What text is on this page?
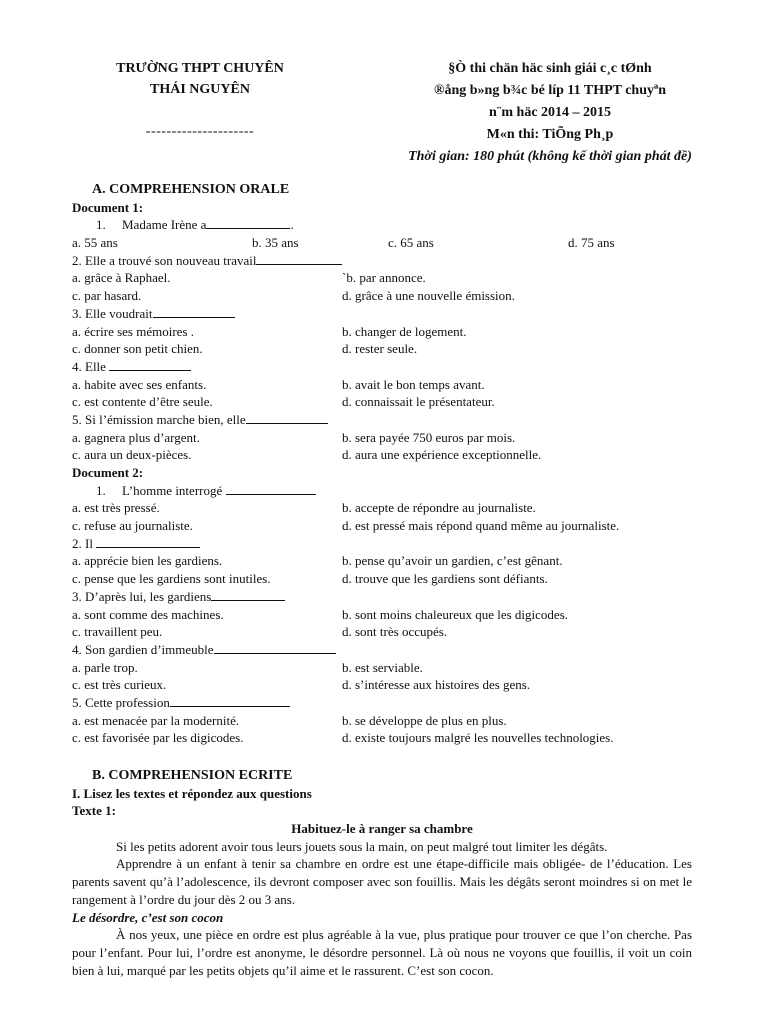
TRƯỜNG THPT CHUYÊN
THÁI NGUYÊN
---------------------
§Ò thi chän häc sinh giái c¸c tØnh
®ång b»ng b¾c bé líp 11 THPT chuyªn
n¨m häc 2014 – 2015
M«n thi: TiÕng Ph¸p
Thời gian: 180 phút (không kể thời gian phát đề)
A. COMPREHENSION ORALE
Document 1:
1. Madame Irène a	.
a. 55 ans	b. 35 ans	c. 65 ans	d. 75 ans
2. Elle a trouvé son nouveau travail
a. grâce à Raphael.	`b. par annonce.
c. par hasard.	d. grâce à une nouvelle émission.
3. Elle voudrait
a. écrire ses mémoires .	b. changer de logement.
c. donner son petit chien.	d. rester seule.
4. Elle
a. habite avec ses enfants.	b. avait le bon temps avant.
c. est contente d’être seule.	d. connaissait le présentateur.
5. Si l’émission marche bien, elle
a. gagnera plus d’argent.	b. sera payée 750 euros par mois.
c. aura un deux-pièces.	d. aura une expérience exceptionnelle.
Document 2:
1. L’homme interrogé
a. est très pressé.	b. accepte de répondre au journaliste.
c. refuse au journaliste.	d. est pressé mais répond quand même au journaliste.
2. Il
a. apprécie bien les gardiens.	b. pense qu’avoir un gardien, c’est gênant.
c. pense que les gardiens sont inutiles.	d. trouve que les gardiens sont défiants.
3. D’après lui, les gardiens
a. sont comme des machines.	b. sont moins chaleureux que les digicodes.
c. travaillent peu.	d. sont très occupés.
4. Son gardien d’immeuble
a. parle trop.	b. est serviable.
c. est très curieux.	d. s’intéresse aux histoires des gens.
5. Cette profession
a. est menacée par la modernité.	b. se développe de plus en plus.
c. est favorisée par les digicodes.	d. existe toujours malgré les nouvelles technologies.
B. COMPREHENSION ECRITE
I. Lisez les textes et répondez aux questions
Texte 1:
Habituez-le à ranger sa chambre
Si les petits adorent avoir tous leurs jouets sous la main, on peut malgré tout limiter les dégâts.
Apprendre à un enfant à tenir sa chambre en ordre est une étape-difficile mais obligée- de l’éducation. Les parents savent qu’à l’adolescence, ils devront composer avec son fouillis. Mais les dégâts seront moindres si on met le rangement à l’ordre du jour dès 2 ou 3 ans.
Le désordre, c’est son cocon
À nos yeux, une pièce en ordre est plus agréable à la vue, plus pratique pour trouver ce que l’on cherche. Pas pour l’enfant. Pour lui, l’ordre est anonyme, le désordre personnel. Là où nous ne voyons que fouillis, il voit un coin bien à lui, marqué par les petits objets qu’il aime et le rassurent. C’est son cocon.
